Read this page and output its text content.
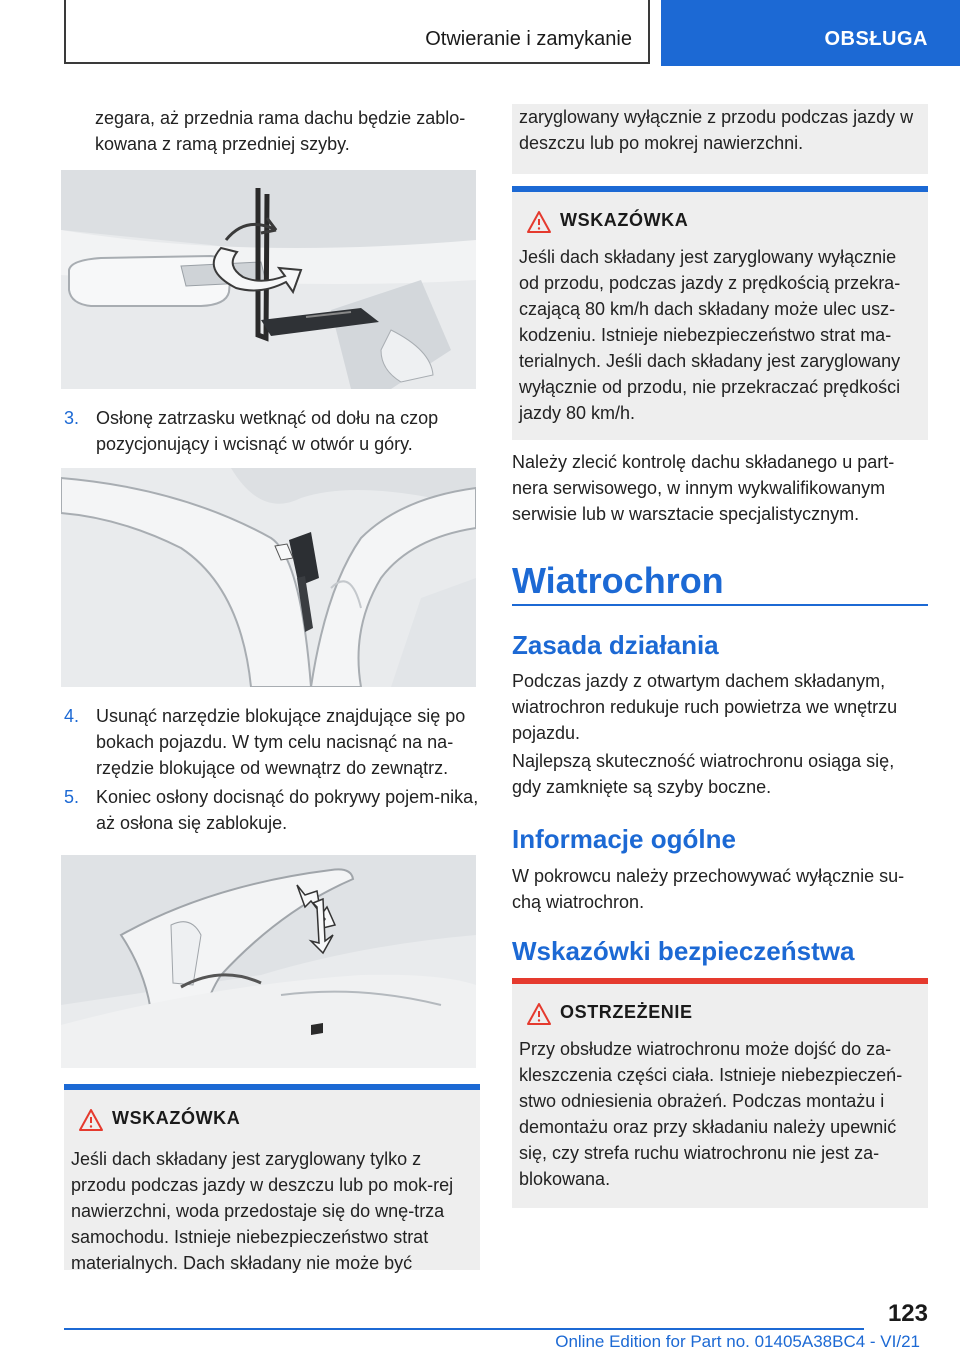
Otwieranie i zamykanie	OBSŁUGA
zegara, aż przednia rama dachu będzie zablo-kowana z ramą przedniej szyby.
3. Osłonę zatrzasku wetknąć od dołu na czop pozycjonujący i wcisnąć w otwór u góry.
4. Usunąć narzędzie blokujące znajdujące się po bokach pojazdu. W tym celu nacisnąć na na-rzędzie blokujące od wewnątrz do zewnątrz.
5. Koniec osłony docisnąć do pokrywy pojem-nika, aż osłona się zablokuje.
WSKAZÓWKA
Jeśli dach składany jest zaryglowany tylko z przodu podczas jazdy w deszczu lub po mok-rej nawierzchni, woda przedostaje się do wnę-trza samochodu. Istnieje niebezpieczeństwo strat materialnych. Dach składany nie może być
zaryglowany wyłącznie z przodu podczas jazdy w deszczu lub po mokrej nawierzchni.
WSKAZÓWKA
Jeśli dach składany jest zaryglowany wyłącznie od przodu, podczas jazdy z prędkością przekra-czającą 80 km/h dach składany może ulec usz-kodzeniu. Istnieje niebezpieczeństwo strat ma-terialnych. Jeśli dach składany jest zaryglowany wyłącznie od przodu, nie przekraczać prędkości jazdy 80 km/h.
Należy zlecić kontrolę dachu składanego u part-nera serwisowego, w innym wykwalifikowanym serwisie lub w warsztacie specjalistycznym.
Wiatrochron
Zasada działania
Podczas jazdy z otwartym dachem składanym, wiatrochron redukuje ruch powietrza we wnętrzu pojazdu.
Najlepszą skuteczność wiatrochronu osiąga się, gdy zamknięte są szyby boczne.
Informacje ogólne
W pokrowcu należy przechowywać wyłącznie su-chą wiatrochron.
Wskazówki bezpieczeństwa
OSTRZEŻENIE
Przy obsłudze wiatrochronu może dojść do za-kleszczenia części ciała. Istnieje niebezpieczeń-stwo odniesienia obrażeń. Podczas montażu i demontażu oraz przy składaniu należy upewnić się, czy strefa ruchu wiatrochronu nie jest za-blokowana.
123
Online Edition for Part no. 01405A38BC4 - VI/21
